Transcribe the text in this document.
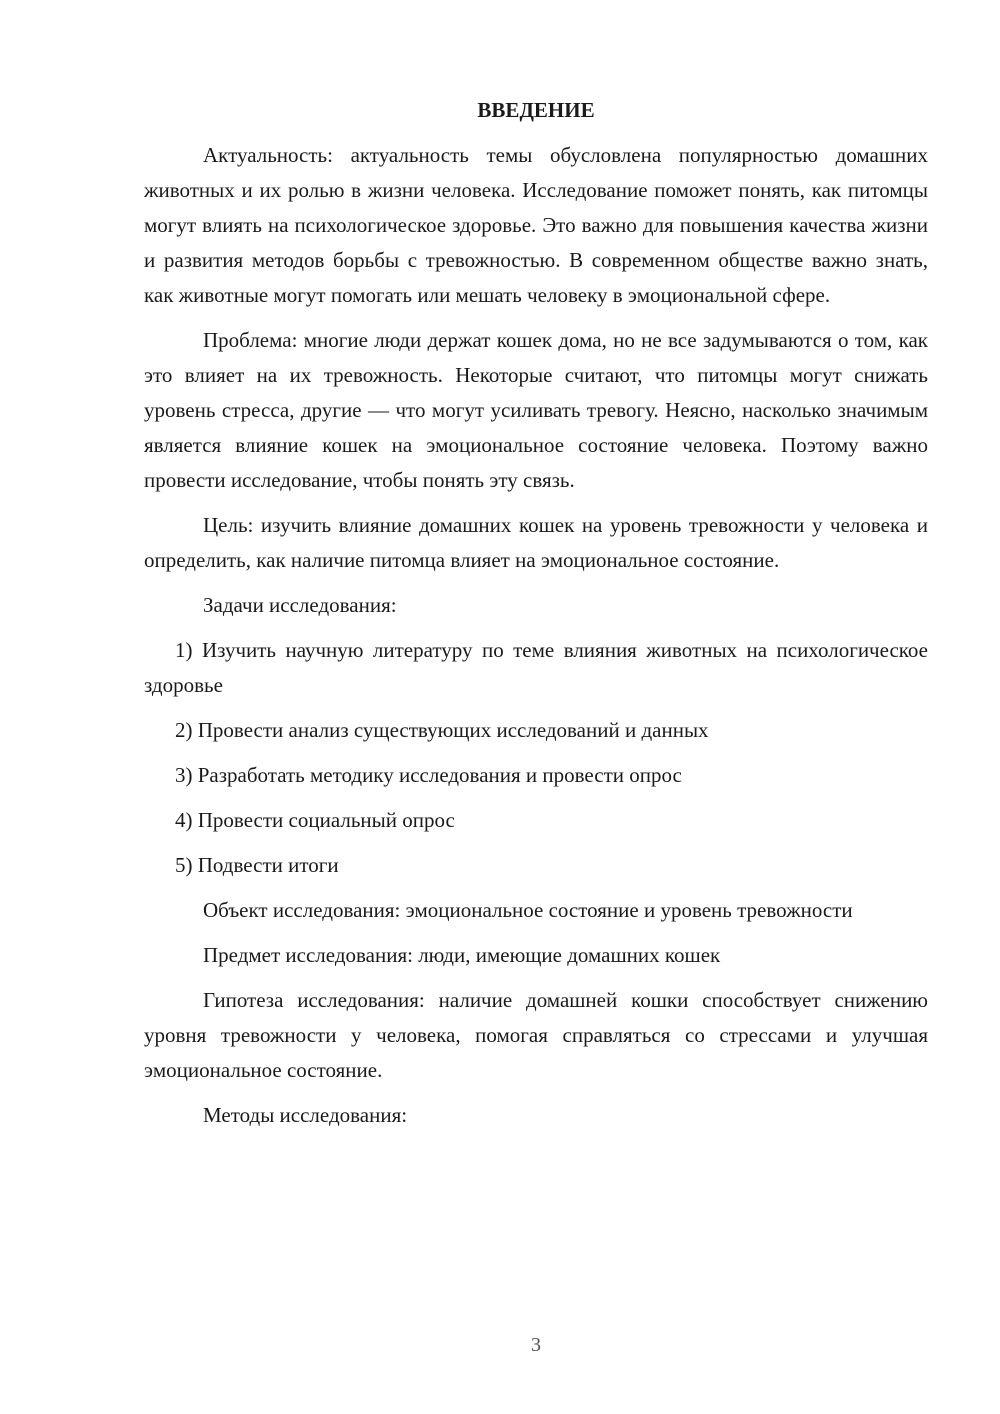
ВВЕДЕНИЕ

Актуальность: актуальность темы обусловлена популярностью домашних животных и их ролью в жизни человека. Исследование поможет понять, как питомцы могут влиять на психологическое здоровье. Это важно для повышения качества жизни и развития методов борьбы с тревожностью. В современном обществе важно знать, как животные могут помогать или мешать человеку в эмоциональной сфере.

Проблема: многие люди держат кошек дома, но не все задумываются о том, как это влияет на их тревожность. Некоторые считают, что питомцы могут снижать уровень стресса, другие — что могут усиливать тревогу. Неясно, насколько значимым является влияние кошек на эмоциональное состояние человека. Поэтому важно провести исследование, чтобы понять эту связь.

Цель: изучить влияние домашних кошек на уровень тревожности у человека и определить, как наличие питомца влияет на эмоциональное состояние.

Задачи исследования:

1) Изучить научную литературу по теме влияния животных на психологическое здоровье

2) Провести анализ существующих исследований и данных

3) Разработать методику исследования и провести опрос

4) Провести социальный опрос

5) Подвести итоги

Объект исследования: эмоциональное состояние и уровень тревожности

Предмет исследования: люди, имеющие домашних кошек

Гипотеза исследования: наличие домашней кошки способствует снижению уровня тревожности у человека, помогая справляться со стрессами и улучшая эмоциональное состояние.

Методы исследования:

3
